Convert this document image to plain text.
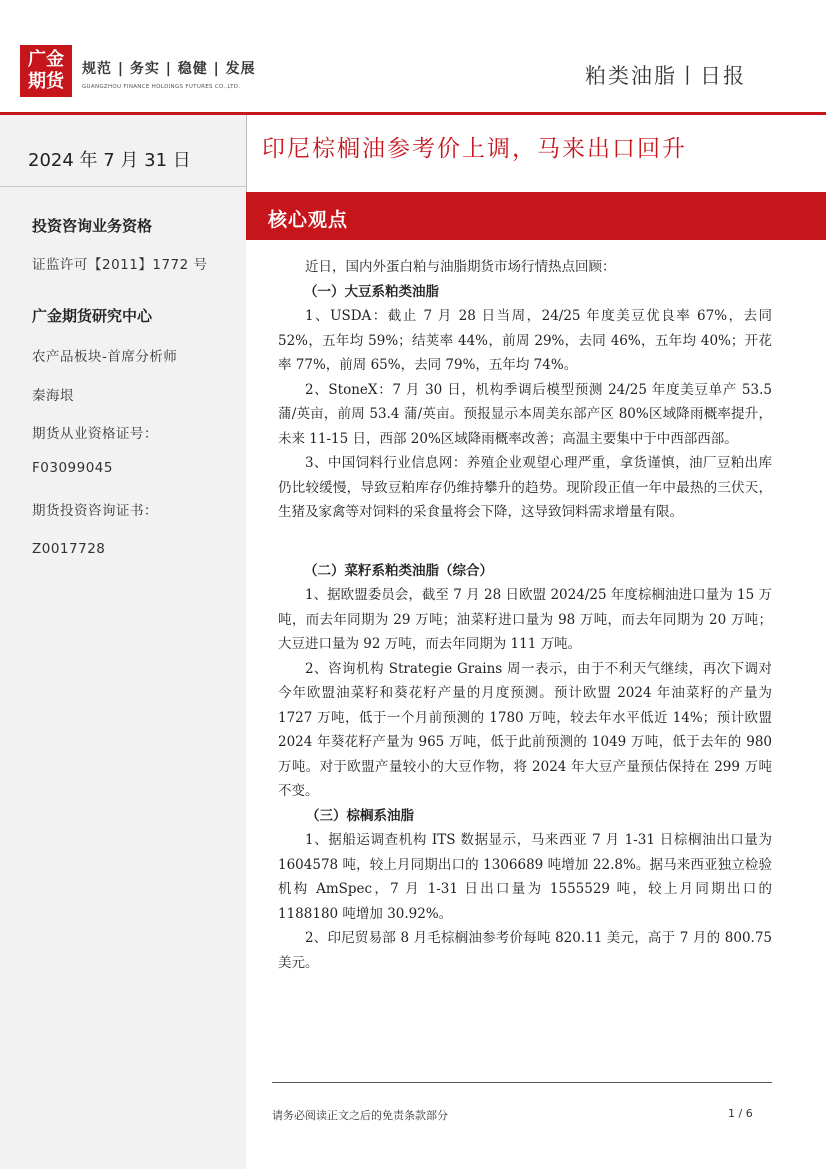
广金
期货
规范 | 务实 | 稳健 | 发展
GUANGZHOU FINANCE HOLDINGS FUTURES CO.,LTD.	粕类油脂丨日报
2024 年 7 月 31 日
投资咨询业务资格
证监许可【2011】1772 号
广金期货研究中心
农产品板块-首席分析师
秦海垠
期货从业资格证号：
F03099045
期货投资咨询证书：
Z0017728
印尼棕榈油参考价上调，马来出口回升
核心观点

近日，国内外蛋白粕与油脂期货市场行情热点回顾：

（一）大豆系粕类油脂

1、USDA：截止 7 月 28 日当周，24/25 年度美豆优良率 67%，去同 52%，五年均 59%；结荚率 44%，前周 29%，去同 46%，五年均 40%；开花率 77%，前周 65%，去同 79%，五年均 74%。

2、StoneX：7 月 30 日，机构季调后模型预测 24/25 年度美豆单产 53.5 蒲/英亩，前周 53.4 蒲/英亩。预报显示本周美东部产区 80%区域降雨概率提升，未来 11-15 日，西部 20%区域降雨概率改善；高温主要集中于中西部西部。

3、中国饲料行业信息网：养殖企业观望心理严重，拿货谨慎，油厂豆粕出库仍比较缓慢，导致豆粕库存仍维持攀升的趋势。现阶段正值一年中最热的三伏天，生猪及家禽等对饲料的采食量将会下降，这导致饲料需求增量有限。

（二）菜籽系粕类油脂（综合）

1、据欧盟委员会，截至 7 月 28 日欧盟 2024/25 年度棕榈油进口量为 15 万吨，而去年同期为 29 万吨；油菜籽进口量为 98 万吨，而去年同期为 20 万吨；大豆进口量为 92 万吨，而去年同期为 111 万吨。

2、咨询机构 Strategie Grains 周一表示，由于不利天气继续，再次下调对今年欧盟油菜籽和葵花籽产量的月度预测。预计欧盟 2024 年油菜籽的产量为 1727 万吨，低于一个月前预测的 1780 万吨，较去年水平低近 14%；预计欧盟 2024 年葵花籽产量为 965 万吨，低于此前预测的 1049 万吨，低于去年的 980 万吨。对于欧盟产量较小的大豆作物，将 2024 年大豆产量预估保持在 299 万吨不变。

（三）棕榈系油脂

1、据船运调查机构 ITS 数据显示，马来西亚 7 月 1-31 日棕榈油出口量为 1604578 吨，较上月同期出口的 1306689 吨增加 22.8%。据马来西亚独立检验机构 AmSpec，7 月 1-31 日出口量为 1555529 吨，较上月同期出口的 1188180 吨增加 30.92%。

2、印尼贸易部 8 月毛棕榈油参考价每吨 820.11 美元，高于 7 月的 800.75 美元。

请务必阅读正文之后的免责条款部分	1 / 6
